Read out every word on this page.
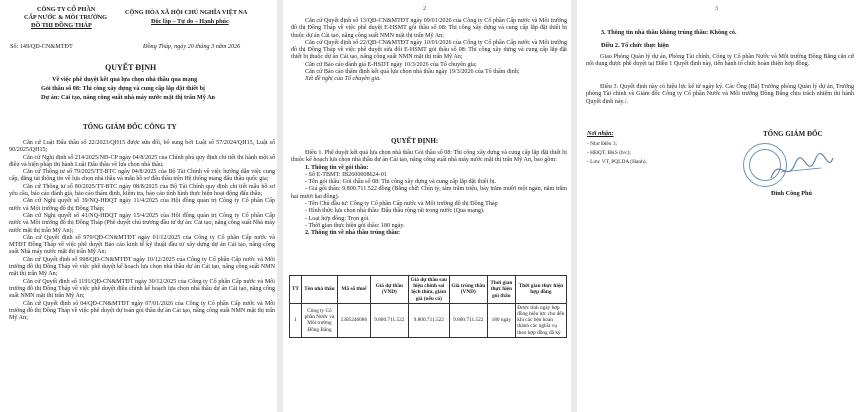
CÔNG TY CỔ PHẦN
CẤP NƯỚC & MÔI TRƯỜNG
ĐỒ THỊ ĐỒNG THÁP
CỘNG HÒA XÃ HỘI CHỦ NGHĨA VIỆT NA
Độc lập – Tự do – Hạnh phúc
Số: 149/QĐ-CN&MTĐT	Đồng Tháp, ngày 20 tháng 3 năm 2026
QUYẾT ĐỊNH
Về việc phê duyệt kết quả lựa chọn nhà thầu qua mạng
Gói thầu số 08: Thi công xây dựng và cung cấp lắp đặt thiết bị
Dự án: Cải tạo, nâng công suất nhà máy nước mặt thị trấn Mỹ An
TỔNG GIÁM ĐỐC CÔNG TY

Căn cứ Luật Đấu thầu số 22/2023/QH15 được sửa đổi, bổ sung bởi Luật số 57/2024/QH15, Luật số 90/2025/QH15;

Căn cứ Nghị định số 214/2025/NĐ-CP ngày 04/8/2025 của Chính phủ quy định chi tiết thi hành một số điều và biện pháp thi hành Luật Đấu thầu về lựa chọn nhà thầu;

Căn cứ Thông tư số 79/2025/TT-BTC ngày 04/8/2025 của Bộ Tài Chính về việc hướng dẫn việc cung cấp, đăng tải thông tin về lựa chọn nhà thầu và mẫu hồ sơ đấu thầu trên Hệ thống mạng đấu thầu quốc gia;

Căn cứ Thông tư số 80/2025/TT-BTC ngày 08/8/2025 của Bộ Tài Chính quy định chi tiết mẫu hồ sơ yêu cầu, báo cáo đánh giá, báo cáo thẩm định, kiểm tra, báo cáo tình hình thực hiện hoạt động đấu thầu;

Căn cứ Nghị quyết số 39/NQ-HĐQT ngày 11/4/2025 của Hội đồng quản trị Công ty Cổ phần Cấp nước và Môi trường đô thị Đồng Tháp;

Căn cứ Nghị quyết số 41/NQ-HĐQT ngày 15/4/2025 của Hội đồng quản trị Công ty Cổ phần Cấp nước và Môi trường đô thị Đồng Tháp (Phê duyệt chủ trương đầu tư dự án: Cải tạo, nâng công suất Nhà máy nước mặt thị trấn Mỹ An);

Căn cứ Quyết định số 979/QĐ-CN&MTĐT ngày 01/12/2025 của Công ty Cổ phần Cấp nước và MTĐT Đồng Tháp về việc phê duyệt Báo cáo kinh tế kỹ thuật đầu tư xây dựng dự án Cải tạo, nâng công suất Nhà máy nước mặt thị trấn Mỹ An;

Căn cứ Quyết định số 998/QĐ-CN&MTĐT ngày 10/12/2025 của Công ty Cổ phần Cấp nước và Môi trường đô thị Đồng Tháp về việc phê duyệt kế hoạch lựa chọn nhà thầu dự án Cải tạo, nâng công suất NMN mặt thị trấn Mỹ An;

Căn cứ Quyết định số 1191/QĐ-CN&MTĐT ngày 30/12/2025 của Công ty Cổ phần Cấp nước và Môi trường đô thị Đồng Tháp về việc phê duyệt điều chỉnh kế hoạch lựa chọn nhà thầu dự án Cải tạo, nâng công suất NMN mặt thị trấn Mỹ An;

Căn cứ Quyết định số 04/QĐ-CN&MTĐT ngày 07/01/2026 của Công ty Cổ phần Cấp nước và Môi trường đô thị Đồng Tháp về việc phê duyệt dự toán gói thầu dự án Cải tạo, nâng công suất NMN mặt thị trấn Mỹ An;

2

Căn cứ Quyết định số 13/QĐ-CN&MTĐT ngày 09/01/2026 của Công ty Cổ phần Cấp nước và Môi trường đô thị Đồng Tháp về việc phê duyệt E-HSMT gói thầu số 08: Thi công xây dựng và cung cấp lắp đặt thiết bị thuộc dự án Cải tạo, nâng công suất NMN mặt thị trấn Mỹ An;

Căn cứ Quyết định số 22/QĐ-CN&MTĐT ngày 10/01/2026 của Công ty Cổ phần Cấp nước và Môi trường đô thị Đồng Tháp về việc phê duyệt sửa đổi E-HSMT gói thầu số 08: Thi công xây dựng và cung cấp lắp đặt thiết bị thuộc dự án Cải tạo, nâng công suất NMN mặt thị trấn Mỹ An;

Căn cứ Báo cáo đánh giá E-HSDT ngày 10/3/2026 của Tổ chuyên gia;

Căn cứ Báo cáo thẩm định kết quả lựa chọn nhà thầu ngày 19/3/2026 của Tổ thẩm định;

Xét đề nghị của Tổ chuyên gia.

QUYẾT ĐỊNH:

Điều 1. Phê duyệt kết quả lựa chọn nhà thầu Gói thầu số 08: Thi công xây dựng và cung cấp lắp đặt thiết bị thuộc kế hoạch lựa chọn nhà thầu dự án Cải tạo, nâng công suất nhà máy nước mặt thị trấn Mỹ An, bao gồm:

1. Thông tin về gói thầu:

- Số E-TBMT: IB2600008624-01

- Tên gói thầu: Gói thầu số 08: Thi công xây dựng và cung cấp lắp đặt thiết bị.

- Giá gói thầu: 9.800.711.522 đồng (Bằng chữ: Chín tỷ, tám trăm triệu, bảy trăm mười một ngàn, năm trăm hai mươi hai đồng).

- Tên Chủ đầu tư: Công ty Cổ phần Cấp nước và Môi trường đô thị Đồng Tháp

- Hình thức lựa chọn nhà thầu: Đấu thầu rộng rãi trong nước (Qua mạng).

- Loại hợp đồng: Trọn gói.

- Thời gian thực hiện gói thầu: 180 ngày.

2. Thông tin về nhà thầu trúng thầu:

TT	Tên nhà thầu	Mã số thuế	Giá dự thầu (VND)	Giá dự thầu sau hiệu chỉnh sai lệch thừa, giảm giá (nếu có)	Giá trúng thầu (VND)	Thời gian thực hiện gói thầu	Thời gian thực hiện hợp đồng
1	Công ty Cổ phần Nước và Môi trường Đồng Bằng	1305246086	9.800.711.522	9.800.711.522	9.800.711.522	180 ngày	Được tính ngày hợp đồng hiệu lực cho đến khi các bên hoàn thành các nghĩa vụ theo hợp đồng đã ký
3
3. Thông tin nhà thầu không trúng thầu: Không có.
Điều 2. Tổ chức thực hiện

Giao Phòng Quản lý dự án, Phòng Tài chính, Công ty Cổ phần Nước và Môi trường Đồng Bằng căn cứ nội dung được phê duyệt tại Điều 1 Quyết định này, tiến hành tổ chức hoàn thiện hợp đồng.

Điều 3. Quyết định này có hiệu lực kể từ ngày ký. Các Ông (Bà) Trưởng phòng Quản lý dự án, Trưởng phòng Tài chính và Giám đốc Công ty Cổ phần Nước và Môi trường Đồng Bằng chịu trách nhiệm thi hành Quyết định này./.

Nơi nhận:
- Như Điều 3;
- HĐQT, BKS (b/c);
- Lưu: VT, PQLDA (Hạnh).
TỔNG GIÁM ĐỐC
Đinh Công Phú
